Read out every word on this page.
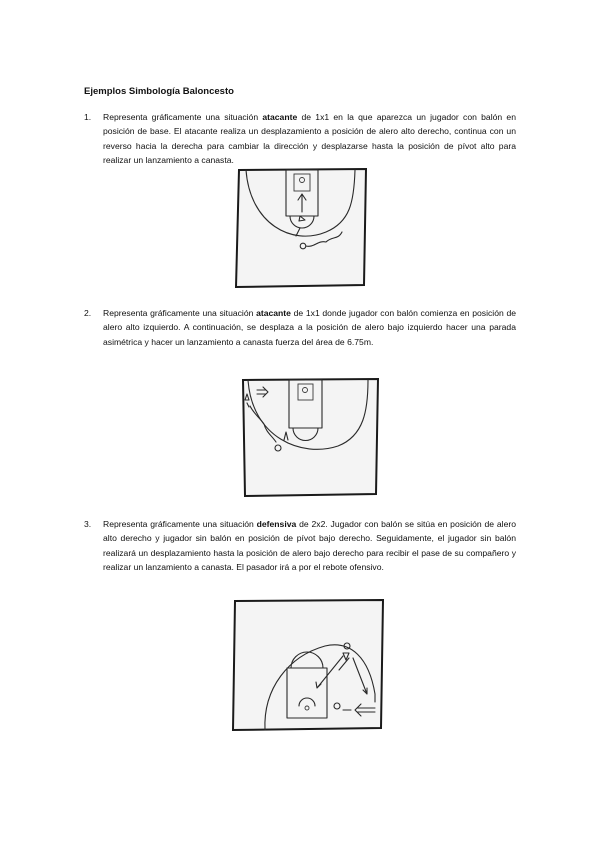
Ejemplos Simbología Baloncesto
1. Representa gráficamente una situación atacante de 1x1 en la que aparezca un jugador con balón en posición de base. El atacante realiza un desplazamiento a posición de alero alto derecho, continua con un reverso hacia la derecha para cambiar la dirección y desplazarse hasta la posición de pívot alto para realizar un lanzamiento a canasta.
2. Representa gráficamente una situación atacante de 1x1 donde jugador con balón comienza en posición de alero alto izquierdo. A continuación, se desplaza a la posición de alero bajo izquierdo hacer una parada asimétrica y hacer un lanzamiento a canasta fuerza del área de 6.75m.
3. Representa gráficamente una situación defensiva de 2x2. Jugador con balón se sitúa en posición de alero alto derecho y jugador sin balón en posición de pívot bajo derecho. Seguidamente, el jugador sin balón realizará un desplazamiento hasta la posición de alero bajo derecho para recibir el pase de su compañero y realizar un lanzamiento a canasta. El pasador irá a por el rebote ofensivo.
